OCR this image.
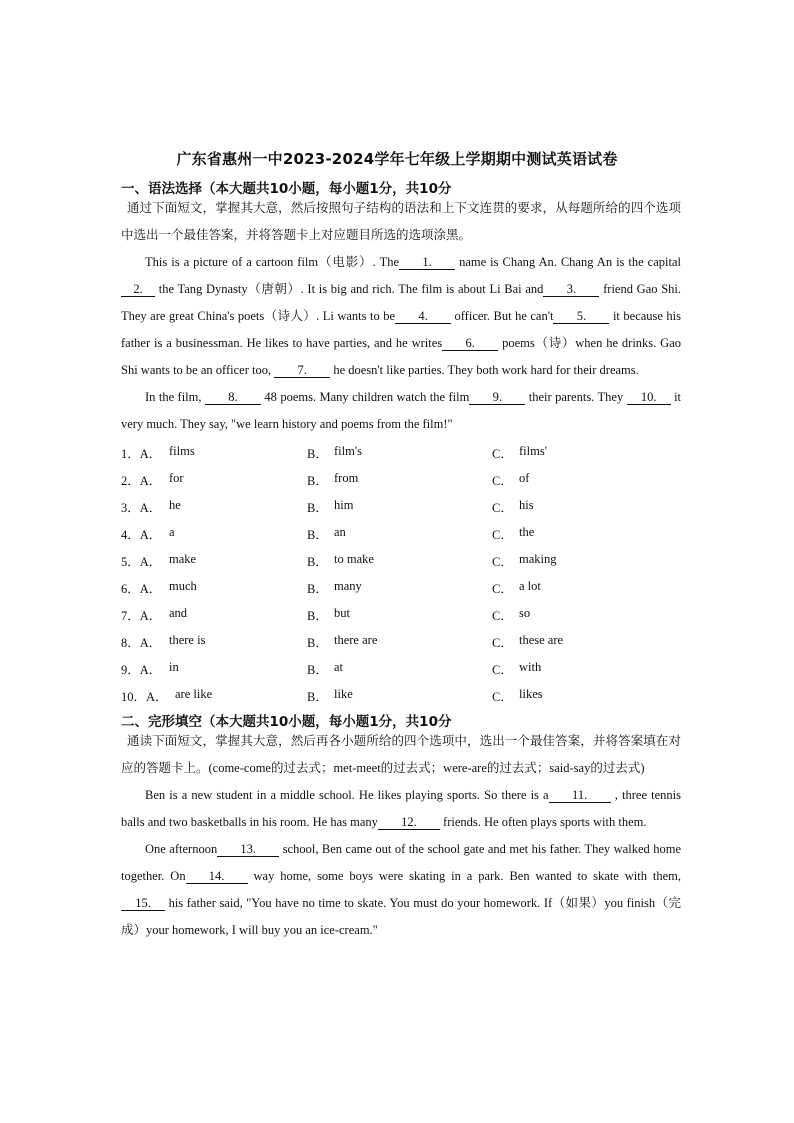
广东省惠州一中2023-2024学年七年级上学期期中测试英语试卷
一、语法选择（本大题共10小题，每小题1分，共10分
通过下面短文，掌握其大意，然后按照句子结构的语法和上下文连贯的要求，从每题所给的四个选项中选出一个最佳答案，并将答题卡上对应题目所选的选项涂黑。
This is a picture of a cartoon film（电影）. The 1. name is Chang An. Chang An is the capital 2. the Tang Dynasty（唐朝）. It is big and rich. The film is about Li Bai and 3. friend Gao Shi. They are great China's poets（诗人）. Li wants to be 4. officer. But he can't 5. it because his father is a businessman. He likes to have parties, and he writes 6. poems（诗）when he drinks. Gao Shi wants to be an officer too, 7. he doesn't like parties. They both work hard for their dreams.
In the film, 8. 48 poems. Many children watch the film 9. their parents. They 10. it very much. They say, "we learn history and poems from the film!"
1．A． films	B． film's	C． films'
2．A． for	B． from	C． of
3．A． he	B． him	C． his
4．A． a	B． an	C． the
5．A． make	B． to make	C． making
6．A． much	B． many	C． a lot
7．A． and	B． but	C． so
8．A． there is	B． there are	C． these are
9．A． in	B． at	C． with
10．A． are like	B． like	C． likes
二、完形填空（本大题共10小题，每小题1分，共10分
通读下面短文，掌握其大意，然后再各小题所给的四个选项中，选出一个最佳答案，并将答案填在对应的答题卡上。(come-come的过去式；met-meet的过去式；were-are的过去式；said-say的过去式)
Ben is a new student in a middle school. He likes playing sports. So there is a 11. , three tennis balls and two basketballs in his room. He has many 12. friends. He often plays sports with them.
One afternoon 13. school, Ben came out of the school gate and met his father. They walked home together. On 14. way home, some boys were skating in a park. Ben wanted to skate with them, 15. his father said, "You have no time to skate. You must do your homework. If（如果）you finish（完成）your homework, I will buy you an ice-cream."
